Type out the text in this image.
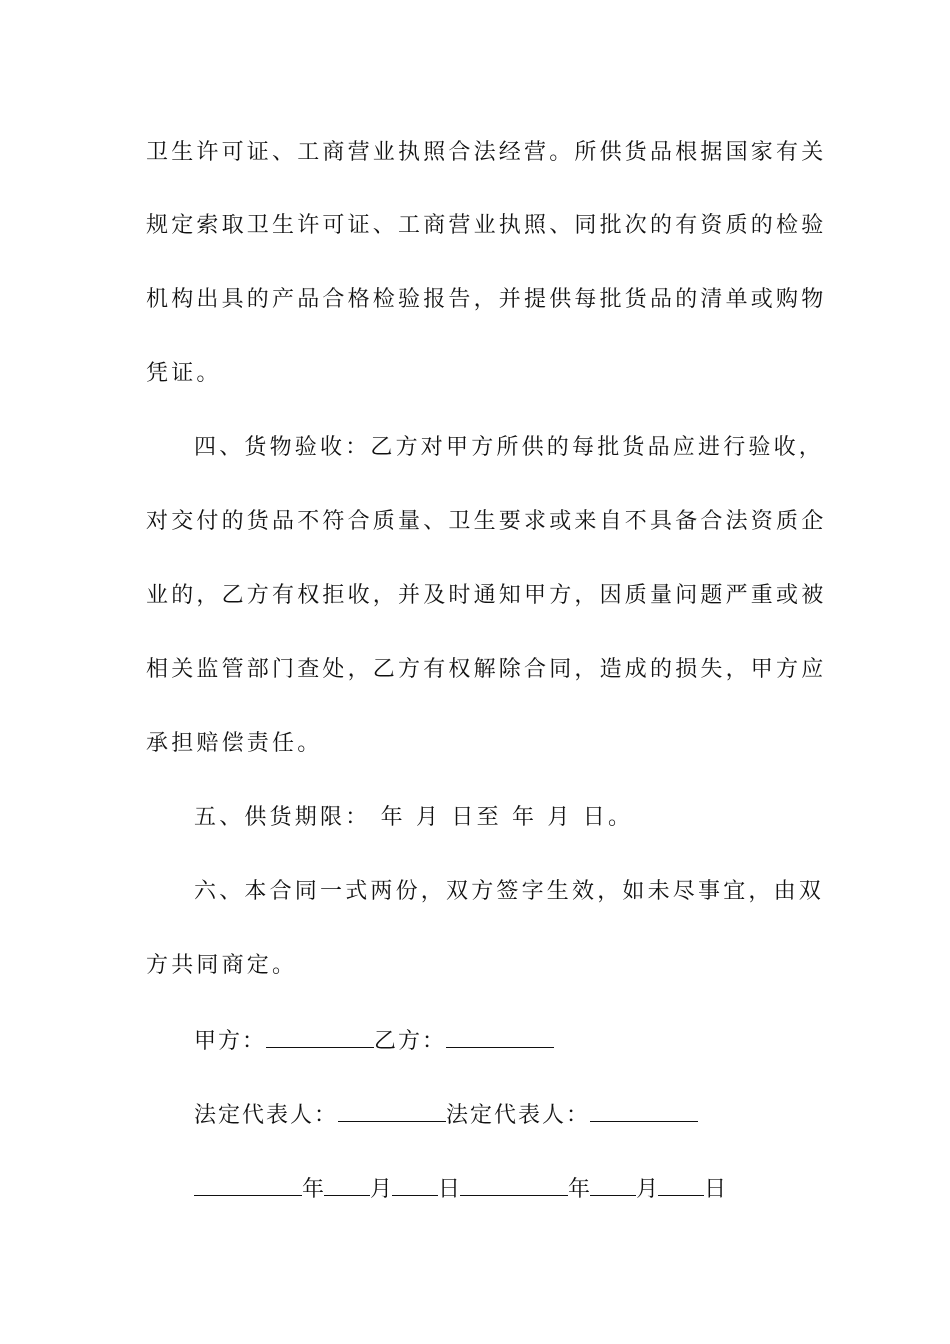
卫生许可证、工商营业执照合法经营。所供货品根据国家有关
规定索取卫生许可证、工商营业执照、同批次的有资质的检验
机构出具的产品合格检验报告，并提供每批货品的清单或购物
凭证。
四、货物验收：乙方对甲方所供的每批货品应进行验收，
对交付的货品不符合质量、卫生要求或来自不具备合法资质企
业的，乙方有权拒收，并及时通知甲方，因质量问题严重或被
相关监管部门查处，乙方有权解除合同，造成的损失，甲方应
承担赔偿责任。
五、供货期限： 年 月 日至 年 月 日。
六、本合同一式两份，双方签字生效，如未尽事宜，由双
方共同商定。
甲方：	乙方：
法定代表人：	法定代表人：
年 月 日	年 月 日
